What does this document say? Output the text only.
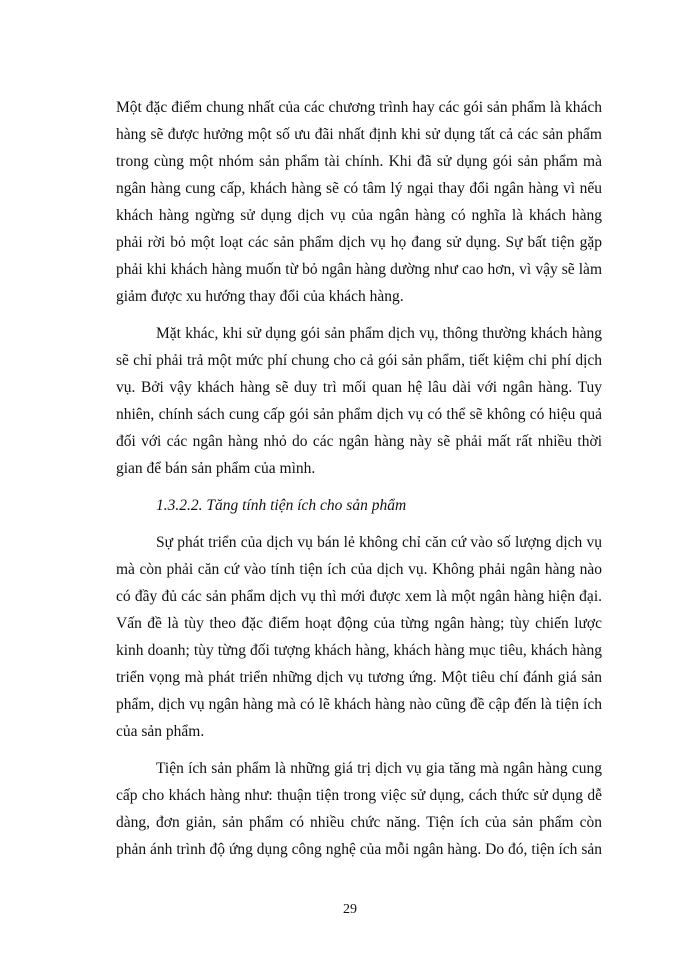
Một đặc điểm chung nhất của các chương trình hay các gói sản phẩm là khách
hàng sẽ được hưởng một số ưu đãi nhất định khi sử dụng tất cả các sản phẩm
trong cùng một nhóm sản phẩm tài chính. Khi đã sử dụng gói sản phẩm mà
ngân hàng cung cấp, khách hàng sẽ có tâm lý ngại thay đổi ngân hàng vì nếu
khách hàng ngừng sử dụng dịch vụ của ngân hàng có nghĩa là khách hàng
phải rời bỏ một loạt các sản phẩm dịch vụ họ đang sử dụng. Sự bất tiện gặp
phải khi khách hàng muốn từ bỏ ngân hàng dường như cao hơn, vì vậy sẽ làm
giảm được xu hướng thay đổi của khách hàng.
Mặt khác, khi sử dụng gói sản phẩm dịch vụ, thông thường khách hàng
sẽ chỉ phải trả một mức phí chung cho cả gói sản phẩm, tiết kiệm chi phí dịch
vụ. Bởi vậy khách hàng sẽ duy trì mối quan hệ lâu dài với ngân hàng. Tuy
nhiên, chính sách cung cấp gói sản phẩm dịch vụ có thể sẽ không có hiệu quả
đối với các ngân hàng nhỏ do các ngân hàng này sẽ phải mất rất nhiều thời
gian để bán sản phẩm của mình.
1.3.2.2. Tăng tính tiện ích cho sản phẩm
Sự phát triển của dịch vụ bán lẻ không chỉ căn cứ vào số lượng dịch vụ
mà còn phải căn cứ vào tính tiện ích của dịch vụ. Không phải ngân hàng nào
có đầy đủ các sản phẩm dịch vụ thì mới được xem là một ngân hàng hiện đại.
Vấn đề là tùy theo đặc điểm hoạt động của từng ngân hàng; tùy chiến lược
kinh doanh; tùy từng đối tượng khách hàng, khách hàng mục tiêu, khách hàng
triển vọng mà phát triển những dịch vụ tương ứng. Một tiêu chí đánh giá sản
phẩm, dịch vụ ngân hàng mà có lẽ khách hàng nào cũng đề cập đến là tiện ích
của sản phẩm.
Tiện ích sản phẩm là những giá trị dịch vụ gia tăng mà ngân hàng cung
cấp cho khách hàng như: thuận tiện trong việc sử dụng, cách thức sử dụng dễ
dàng, đơn giản, sản phẩm có nhiều chức năng. Tiện ích của sản phẩm còn
phản ánh trình độ ứng dụng công nghệ của mỗi ngân hàng. Do đó, tiện ích sản
29
